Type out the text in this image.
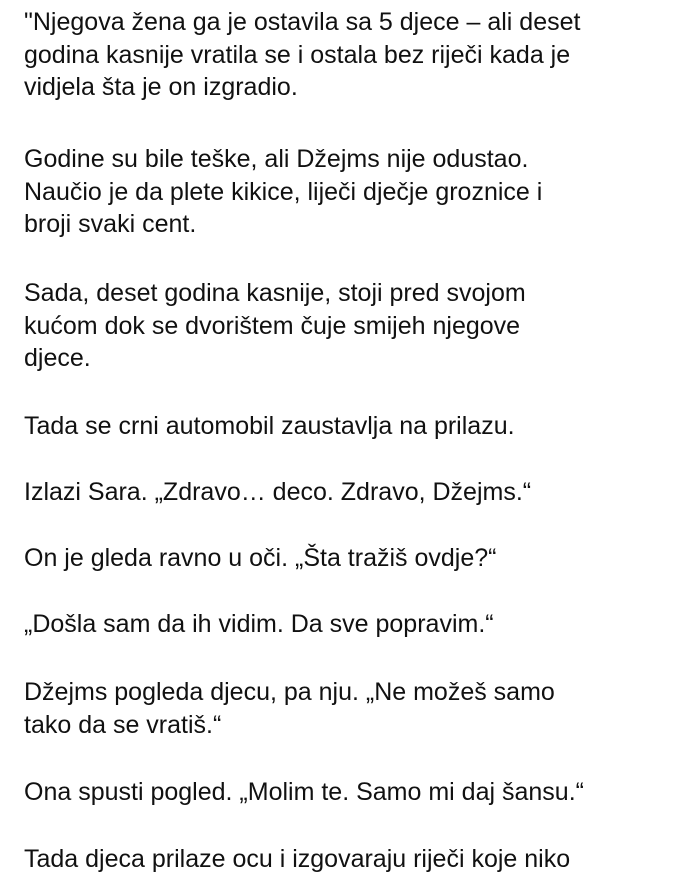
"Njegova žena ga je ostavila sa 5 djece – ali deset
godina kasnije vratila se i ostala bez riječi kada je
vidjela šta je on izgradio.

Godine su bile teške, ali Džejms nije odustao.
Naučio je da plete kikice, liječi dječje groznice i
broji svaki cent.

Sada, deset godina kasnije, stoji pred svojom
kućom dok se dvorištem čuje smijeh njegove
djece.

Tada se crni automobil zaustavlja na prilazu.

Izlazi Sara. „Zdravo… deco. Zdravo, Džejms.“

On je gleda ravno u oči. „Šta tražiš ovdje?“

„Došla sam da ih vidim. Da sve popravim.“

Džejms pogleda djecu, pa nju. „Ne možeš samo
tako da se vratiš.“

Ona spusti pogled. „Molim te. Samo mi daj šansu.“

Tada djeca prilaze ocu i izgovaraju riječi koje niko
